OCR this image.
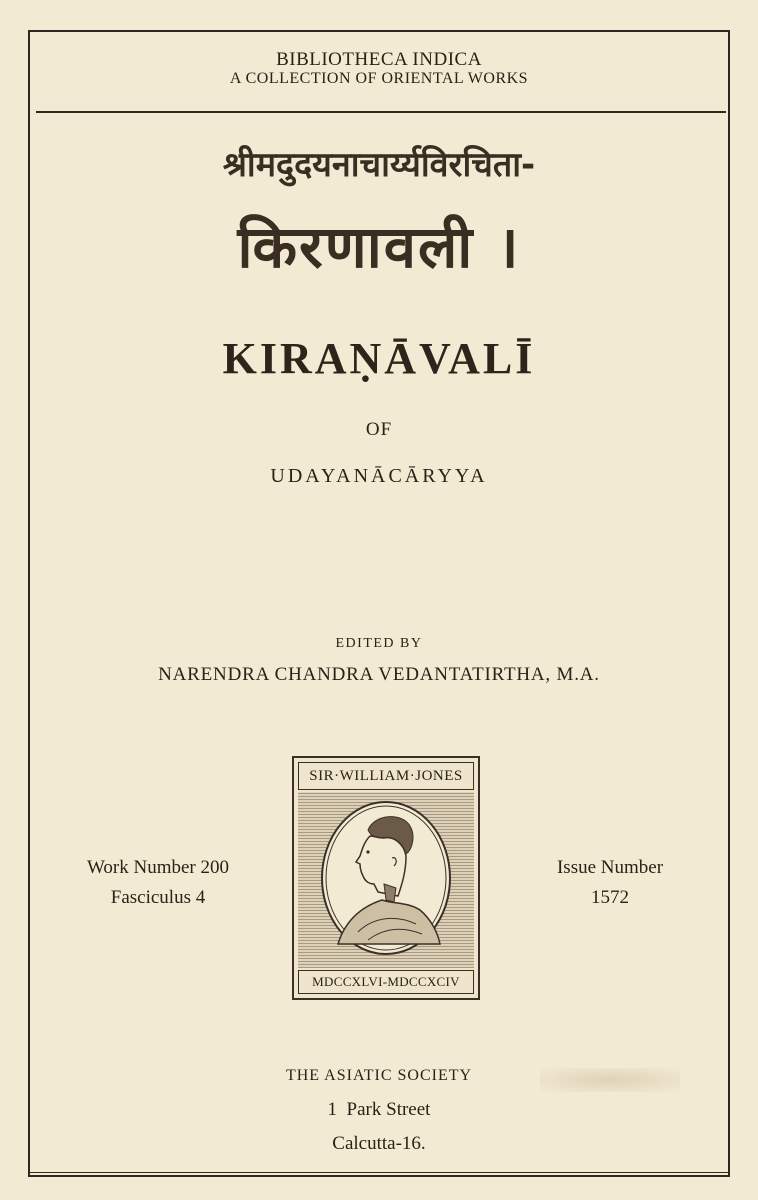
BIBLIOTHECA INDICA
A COLLECTION OF ORIENTAL WORKS
श्रीमदुदयनाचार्य्यविरचिता-
किरणावली ।
KIRAṆĀVALĪ
OF
UDAYANĀCĀRYYA
EDITED BY
NARENDRA CHANDRA VEDANTATIRTHA, M.A.
Work Number 200
Fasciculus 4
Issue Number
1572
SIR·WILLIAM·JONES
MDCCXLVI-MDCCXCIV
THE ASIATIC SOCIETY
1  Park Street
Calcutta-16.
